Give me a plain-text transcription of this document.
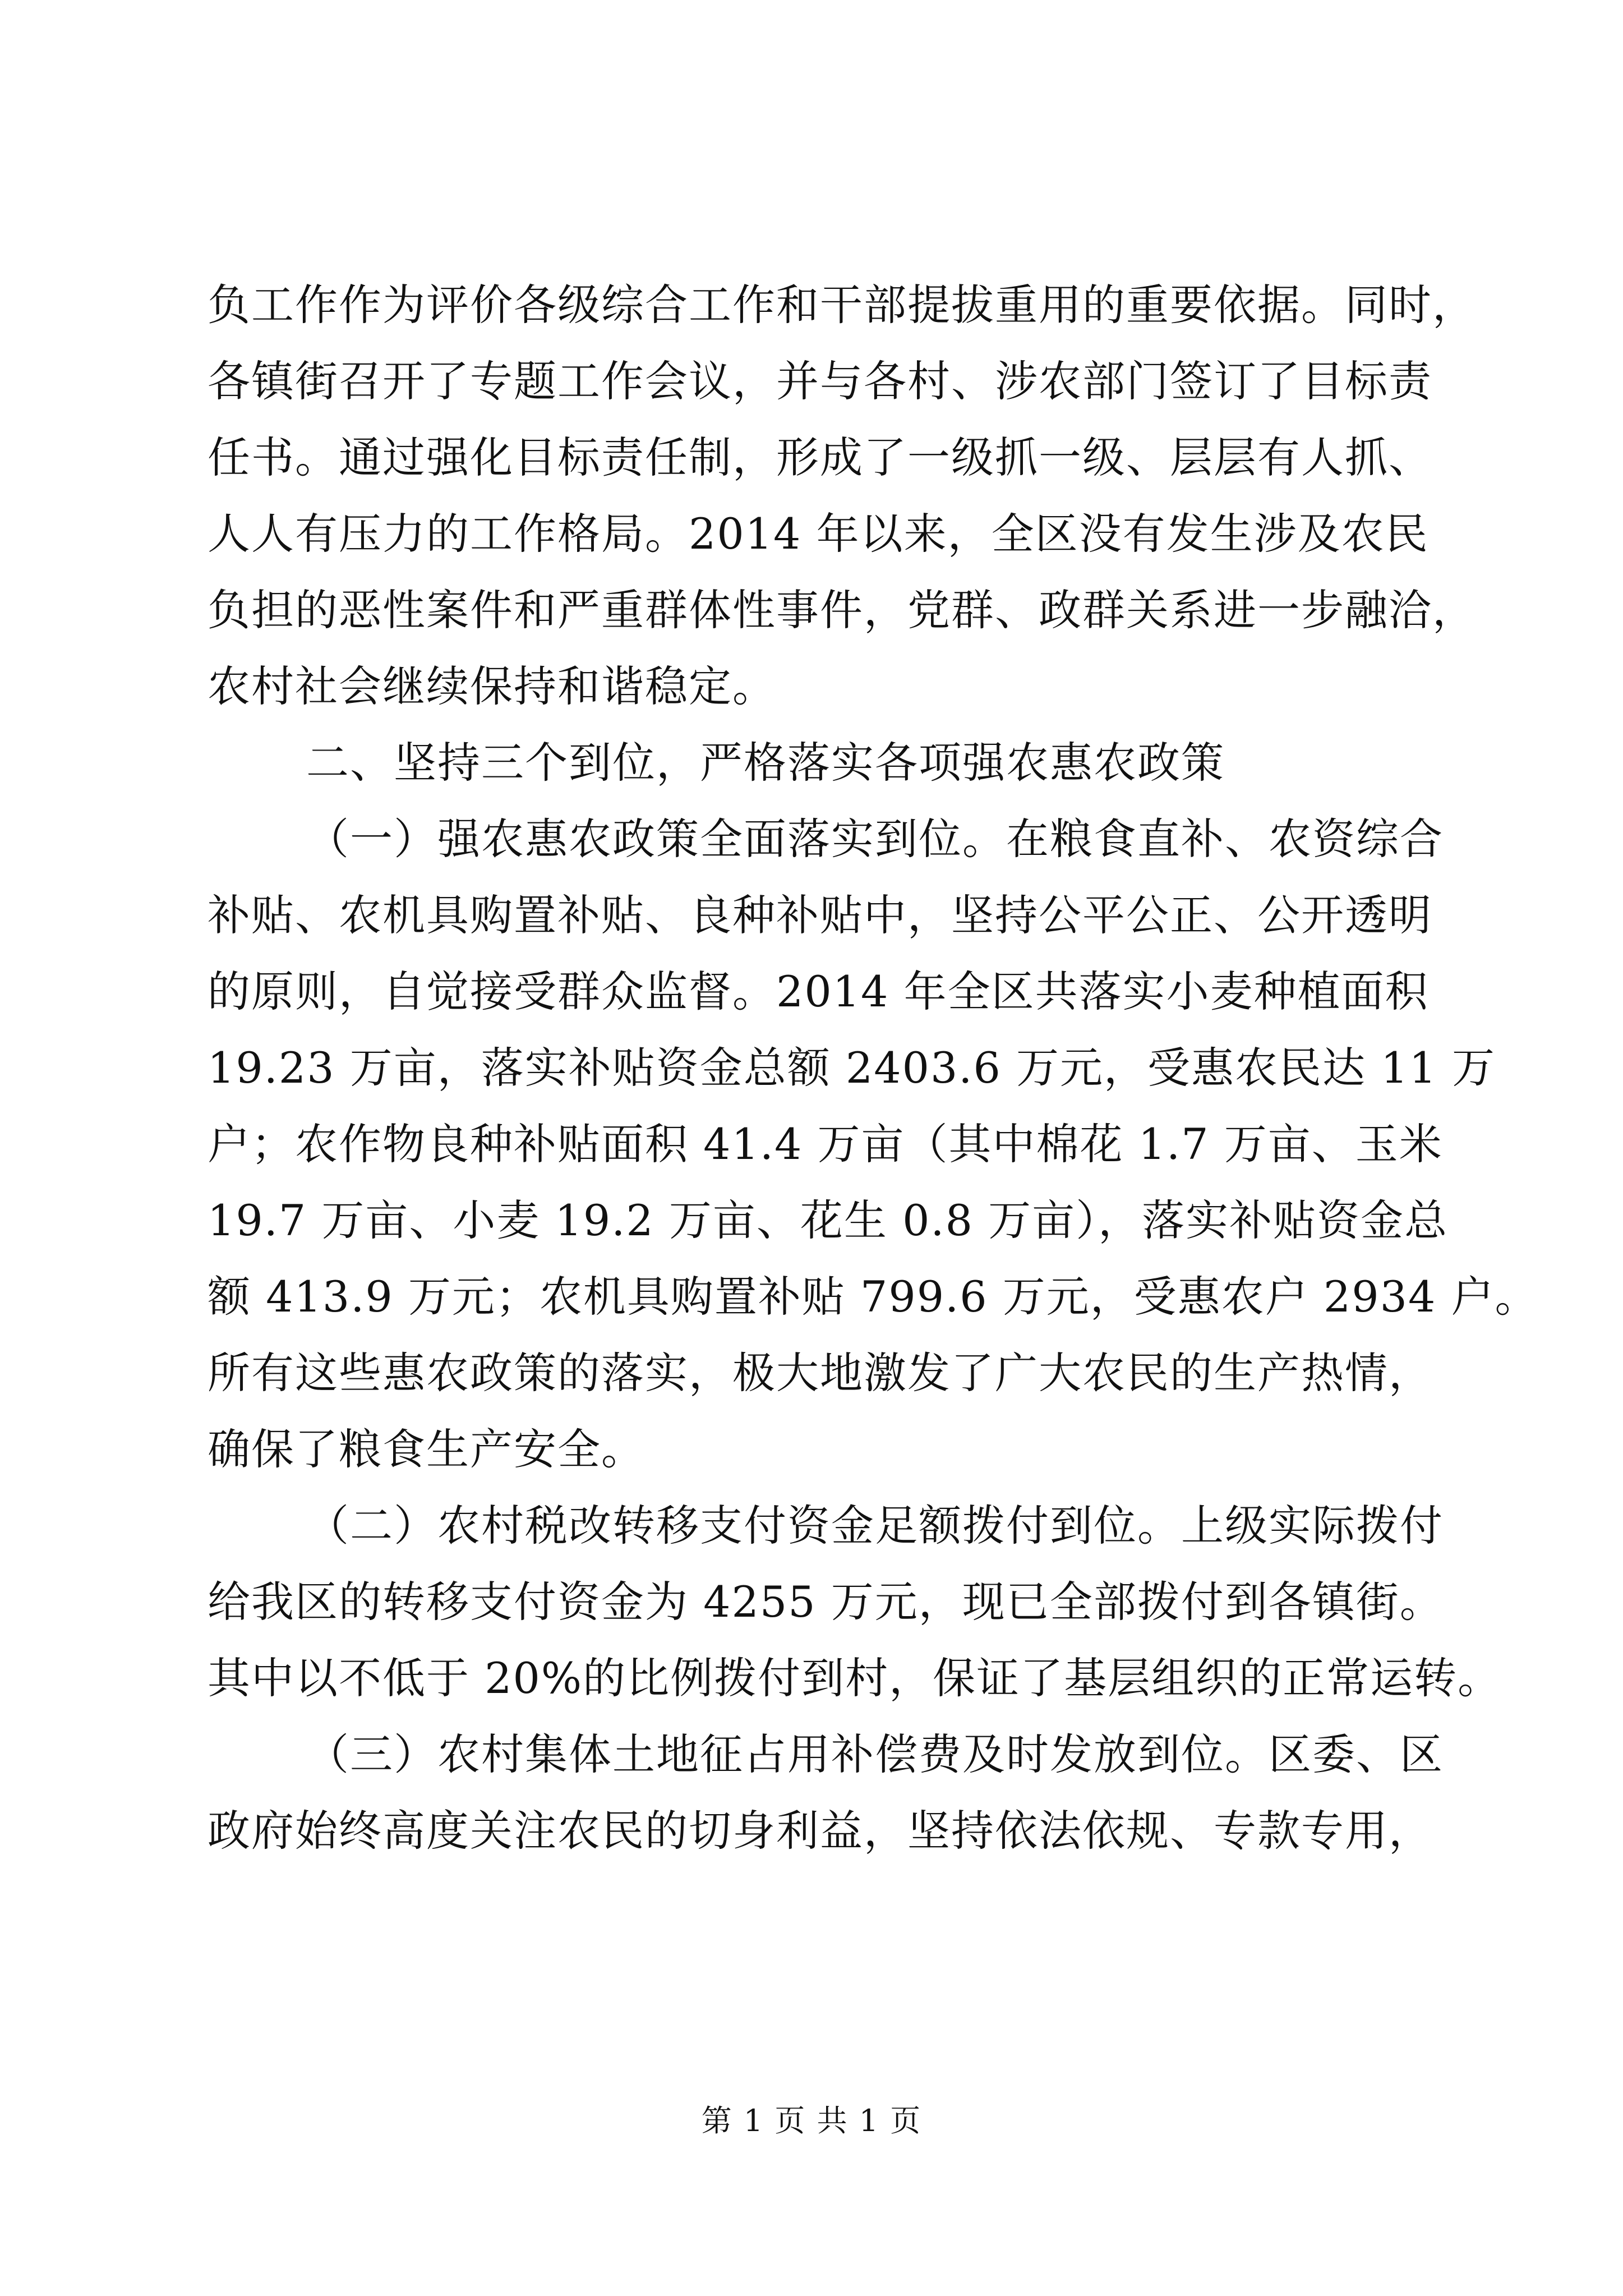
负工作作为评价各级综合工作和干部提拔重用的重要依据。同时，
各镇街召开了专题工作会议，并与各村、涉农部门签订了目标责
任书。通过强化目标责任制，形成了一级抓一级、层层有人抓、
人人有压力的工作格局。2014 年以来，全区没有发生涉及农民
负担的恶性案件和严重群体性事件，党群、政群关系进一步融洽，
农村社会继续保持和谐稳定。
二、坚持三个到位，严格落实各项强农惠农政策
（一）强农惠农政策全面落实到位。在粮食直补、农资综合
补贴、农机具购置补贴、良种补贴中，坚持公平公正、公开透明
的原则，自觉接受群众监督。2014 年全区共落实小麦种植面积
19.23 万亩，落实补贴资金总额 2403.6 万元，受惠农民达 11 万
户；农作物良种补贴面积 41.4 万亩（其中棉花 1.7 万亩、玉米
19.7 万亩、小麦 19.2 万亩、花生 0.8 万亩），落实补贴资金总
额 413.9 万元；农机具购置补贴 799.6 万元，受惠农户 2934 户。
所有这些惠农政策的落实，极大地激发了广大农民的生产热情，
确保了粮食生产安全。
（二）农村税改转移支付资金足额拨付到位。上级实际拨付
给我区的转移支付资金为 4255 万元，现已全部拨付到各镇街。
其中以不低于 20%的比例拨付到村，保证了基层组织的正常运转。
（三）农村集体土地征占用补偿费及时发放到位。区委、区
政府始终高度关注农民的切身利益，坚持依法依规、专款专用，
第 1 页 共 1 页
